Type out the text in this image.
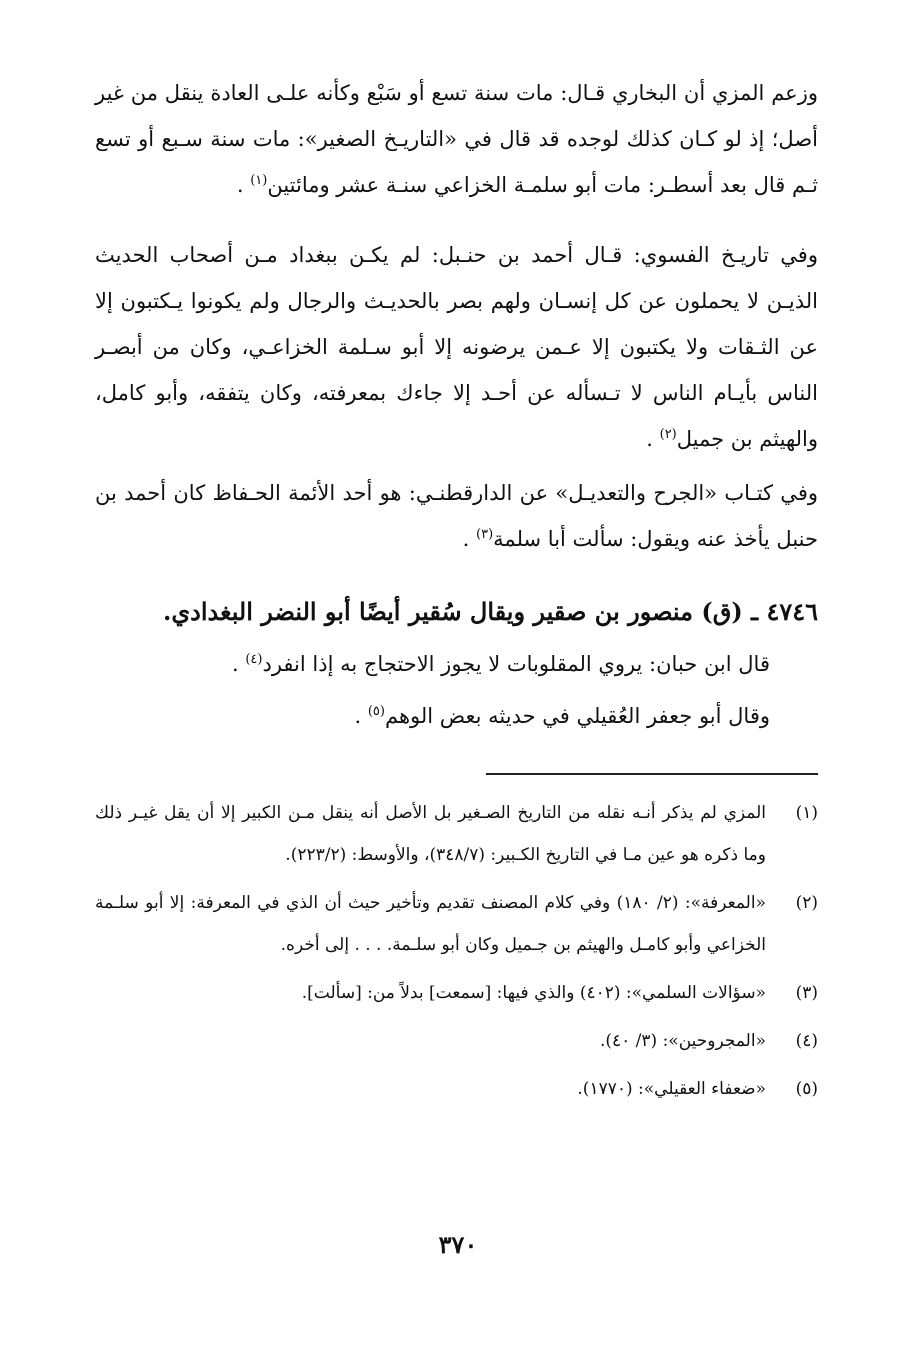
وزعم المزي أن البخاري قـال: مات سنة تسع أو سَبْع وكأنه علـى العادة ينقل من غير أصل؛ إذ لو كـان كذلك لوجده قد قال في «التاريـخ الصغير»: مات سنة سـبع أو تسع ثـم قال بعد أسطـر: مات أبو سلمـة الخزاعي سنـة عشر ومائتين$^{(١)}$ .

وفي تاريـخ الفسوي: قـال أحمد بن حنـبل: لم يكـن ببغداد مـن أصحاب الحديث الذيـن لا يحملون عن كل إنسـان ولهم بصر بالحديـث والرجال ولم يكونوا يـكتبون إلا عن الثـقات ولا يكتبون إلا عـمن يرضونه إلا أبو سـلمة الخزاعـي، وكان من أبصـر الناس بأيـام الناس لا تـسأله عن أحـد إلا جاءك بمعرفته، وكان يتفقه، وأبو كامل، والهيثم بن جميل$^{(٢)}$ .

وفي كتـاب «الجرح والتعديـل» عن الدارقطنـي: هو أحد الأئمة الحـفاظ كان أحمد بن حنبل يأخذ عنه ويقول: سألت أبا سلمة$^{(٣)}$ .

٤٧٤٦ ـ (ق) منصور بن صقير ويقال سُقير أيضًا أبو النضر البغدادي.

قال ابن حبان: يروي المقلوبات لا يجوز الاحتجاج به إذا انفرد$^{(٤)}$ .

وقال أبو جعفر العُقيلي في حديثه بعض الوهم$^{(٥)}$ .

(١)
المزي لم يذكر أنـه نقله من التاريخ الصـغير بل الأصل أنه ينقل مـن الكبير إلا أن يقل غيـر ذلك وما ذكره هو عين مـا في التاريخ الكـبير: (٣٤٨/٧)، والأوسط: (٢٢٣/٢).
(٢)
«المعرفة»: (٢/ ١٨٠) وفي كلام المصنف تقديم وتأخير حيث أن الذي في المعرفة: إلا أبو سلـمة الخزاعي وأبو كامـل والهيثم بن جـميل وكان أبو سلـمة. . . . إلى أخره.
(٣)
«سؤالات السلمي»: (٤٠٢) والذي فيها: [سمعت] بدلاً من: [سألت].
(٤)
«المجروحين»: (٣/ ٤٠).
(٥)
«ضعفاء العقيلي»: (١٧٧٠).
٣٧٠
